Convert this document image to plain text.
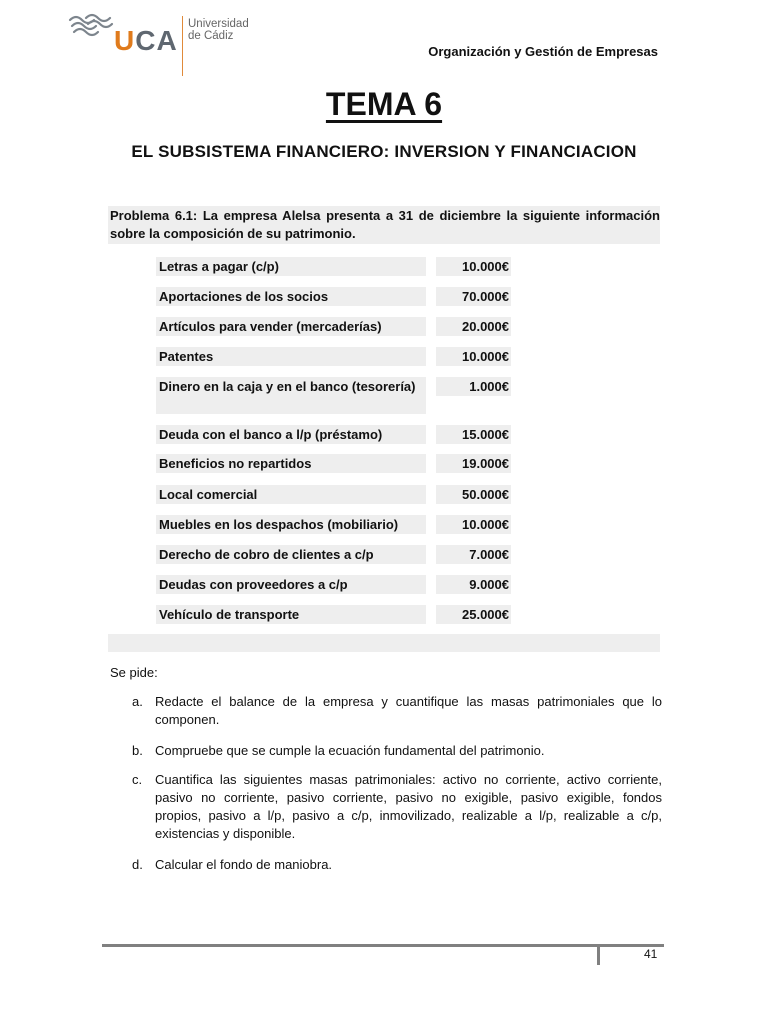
UCA
Universidad
de Cádiz
Organización y Gestión de Empresas
TEMA 6
EL SUBSISTEMA FINANCIERO: INVERSION Y FINANCIACION
Problema 6.1: La empresa Alelsa presenta a 31 de diciembre la siguiente información sobre la composición de su patrimonio.
Letras a pagar (c/p)	10.000€
Aportaciones de los socios	70.000€
Artículos para vender (mercaderías)	20.000€
Patentes	10.000€
Dinero en la caja y en el banco (tesorería)	1.000€
Deuda con el banco a l/p (préstamo)	15.000€
Beneficios no repartidos	19.000€
Local comercial	50.000€
Muebles en los despachos (mobiliario)	10.000€
Derecho de cobro de clientes a c/p	7.000€
Deudas con proveedores a c/p	9.000€
Vehículo de transporte	25.000€
Se pide:
a. Redacte el balance de la empresa y cuantifique las masas patrimoniales que lo componen.
b. Compruebe que se cumple la ecuación fundamental del patrimonio.
c. Cuantifica las siguientes masas patrimoniales: activo no corriente, activo corriente, pasivo no corriente, pasivo corriente, pasivo no exigible, pasivo exigible, fondos propios, pasivo a l/p, pasivo a c/p, inmovilizado, realizable a l/p, realizable a c/p, existencias y disponible.
d. Calcular el fondo de maniobra.
41
